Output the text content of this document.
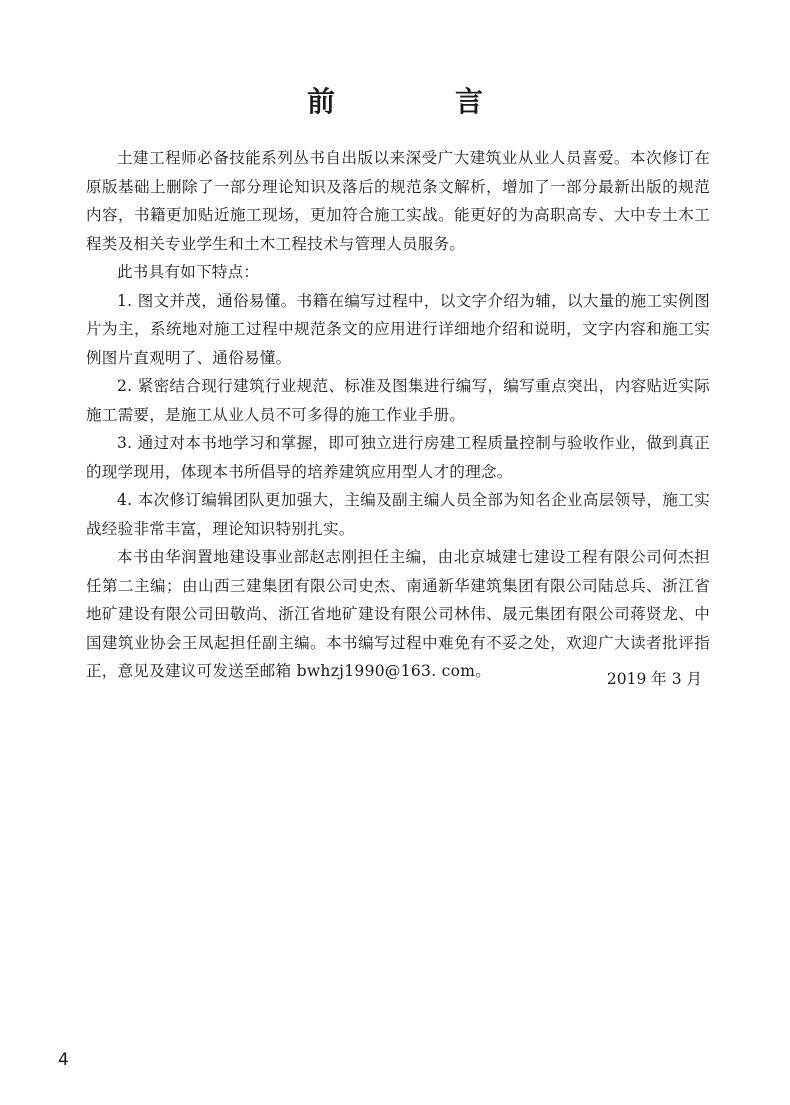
前　言

土建工程师必备技能系列丛书自出版以来深受广大建筑业从业人员喜爱。本次修订在原版基础上删除了一部分理论知识及落后的规范条文解析，增加了一部分最新出版的规范内容，书籍更加贴近施工现场，更加符合施工实战。能更好的为高职高专、大中专土木工程类及相关专业学生和土木工程技术与管理人员服务。

此书具有如下特点：

1. 图文并茂，通俗易懂。书籍在编写过程中，以文字介绍为辅，以大量的施工实例图片为主，系统地对施工过程中规范条文的应用进行详细地介绍和说明，文字内容和施工实例图片直观明了、通俗易懂。

2. 紧密结合现行建筑行业规范、标准及图集进行编写，编写重点突出，内容贴近实际施工需要，是施工从业人员不可多得的施工作业手册。

3. 通过对本书地学习和掌握，即可独立进行房建工程质量控制与验收作业，做到真正的现学现用，体现本书所倡导的培养建筑应用型人才的理念。

4. 本次修订编辑团队更加强大，主编及副主编人员全部为知名企业高层领导，施工实战经验非常丰富，理论知识特别扎实。

本书由华润置地建设事业部赵志刚担任主编，由北京城建七建设工程有限公司何杰担任第二主编；由山西三建集团有限公司史杰、南通新华建筑集团有限公司陆总兵、浙江省地矿建设有限公司田敬尚、浙江省地矿建设有限公司林伟、晟元集团有限公司蒋贤龙、中国建筑业协会王凤起担任副主编。本书编写过程中难免有不妥之处，欢迎广大读者批评指正，意见及建议可发送至邮箱 bwhzj1990@163. com。	2019 年 3 月
4
